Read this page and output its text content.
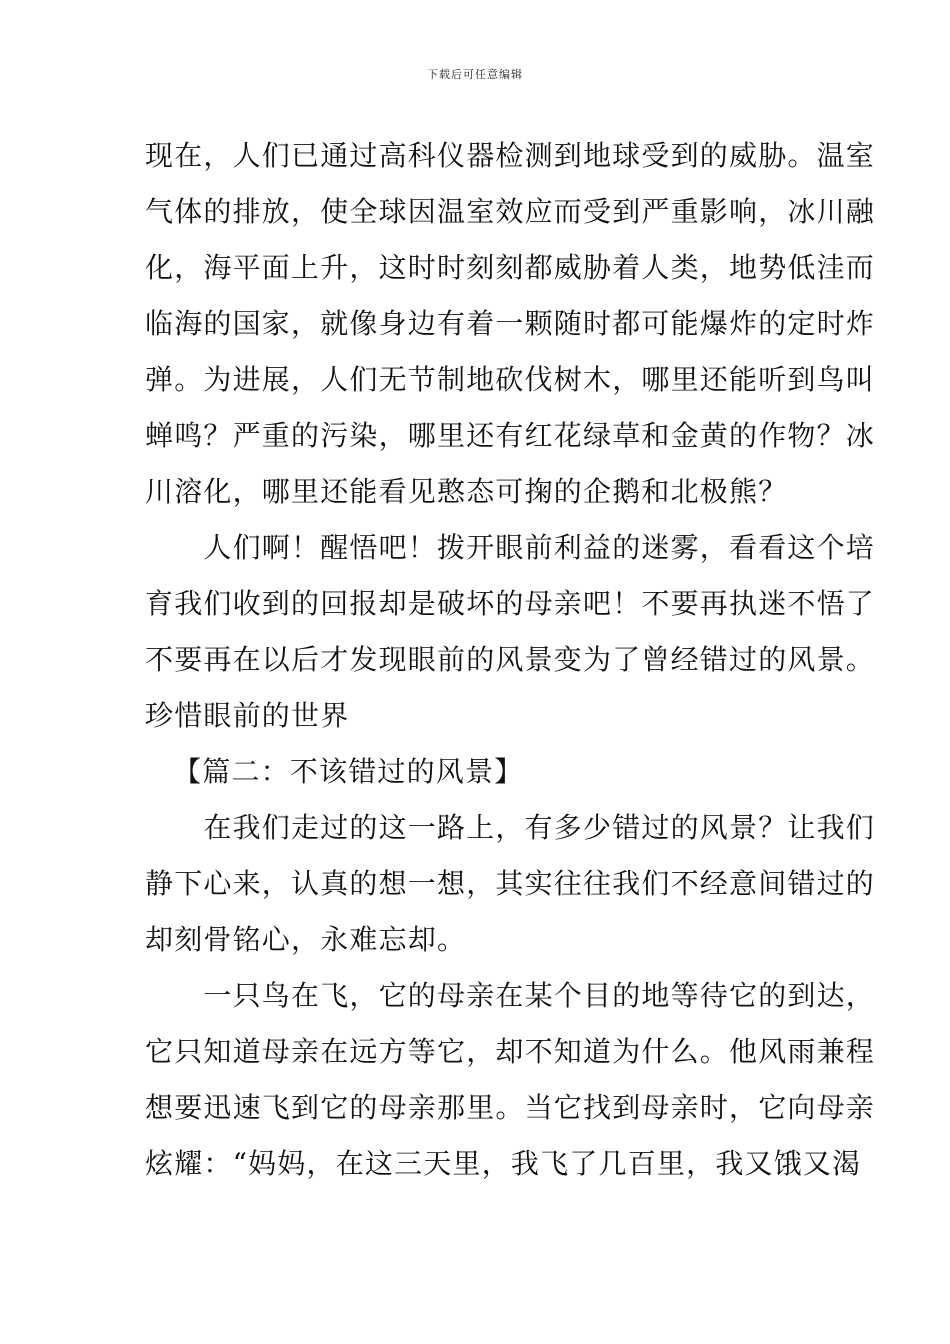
下载后可任意编辑
现在，人们已通过高科仪器检测到地球受到的威胁。温室
气体的排放，使全球因温室效应而受到严重影响，冰川融
化，海平面上升，这时时刻刻都威胁着人类，地势低洼而
临海的国家，就像身边有着一颗随时都可能爆炸的定时炸
弹。为进展，人们无节制地砍伐树木，哪里还能听到鸟叫
蝉鸣？严重的污染，哪里还有红花绿草和金黄的作物？冰
川溶化，哪里还能看见憨态可掬的企鹅和北极熊？
　　人们啊！醒悟吧！拨开眼前利益的迷雾，看看这个培
育我们收到的回报却是破坏的母亲吧！不要再执迷不悟了
不要再在以后才发现眼前的风景变为了曾经错过的风景。
珍惜眼前的世界
【篇二：不该错过的风景】
　　在我们走过的这一路上，有多少错过的风景？让我们
静下心来，认真的想一想，其实往往我们不经意间错过的
却刻骨铭心，永难忘却。
　　一只鸟在飞，它的母亲在某个目的地等待它的到达，
它只知道母亲在远方等它，却不知道为什么。他风雨兼程
想要迅速飞到它的母亲那里。当它找到母亲时，它向母亲
炫耀：“妈妈，在这三天里，我飞了几百里，我又饿又渴
